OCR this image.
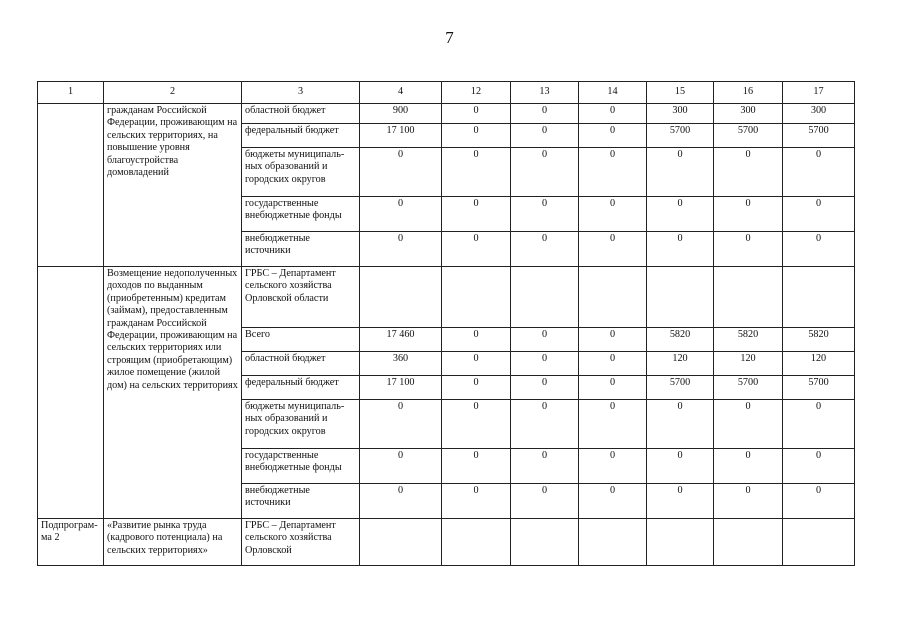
7
1	2	3	4	12	13	14	15	16	17
	гражданам Российской Федерации, проживающим на сельских территориях, на повышение уровня благоустройства домовладений	областной бюджет	900	0	0	0	300	300	300
		федеральный бюджет	17 100	0	0	0	5700	5700	5700
		бюджеты муниципаль-ных образований и городских округов	0	0	0	0	0	0	0
		государственные внебюджетные фонды	0	0	0	0	0	0	0
		внебюджетные источники	0	0	0	0	0	0	0
	Возмещение недополученных доходов по выданным (приобретенным) кредитам (займам), предоставленным гражданам Российской Федерации, проживающим на сельских территориях или строящим (приобретающим) жилое помещение (жилой дом) на сельских территориях	ГРБС – Департамент сельского хозяйства Орловской области							
		Всего	17 460	0	0	0	5820	5820	5820
		областной бюджет	360	0	0	0	120	120	120
		федеральный бюджет	17 100	0	0	0	5700	5700	5700
		бюджеты муниципаль-ных образований и городских округов	0	0	0	0	0	0	0
		государственные внебюджетные фонды	0	0	0	0	0	0	0
		внебюджетные источники	0	0	0	0	0	0	0
Подпрограм-ма 2	«Развитие рынка труда (кадрового потенциала) на сельских территориях»	ГРБС – Департамент сельского хозяйства Орловской							
